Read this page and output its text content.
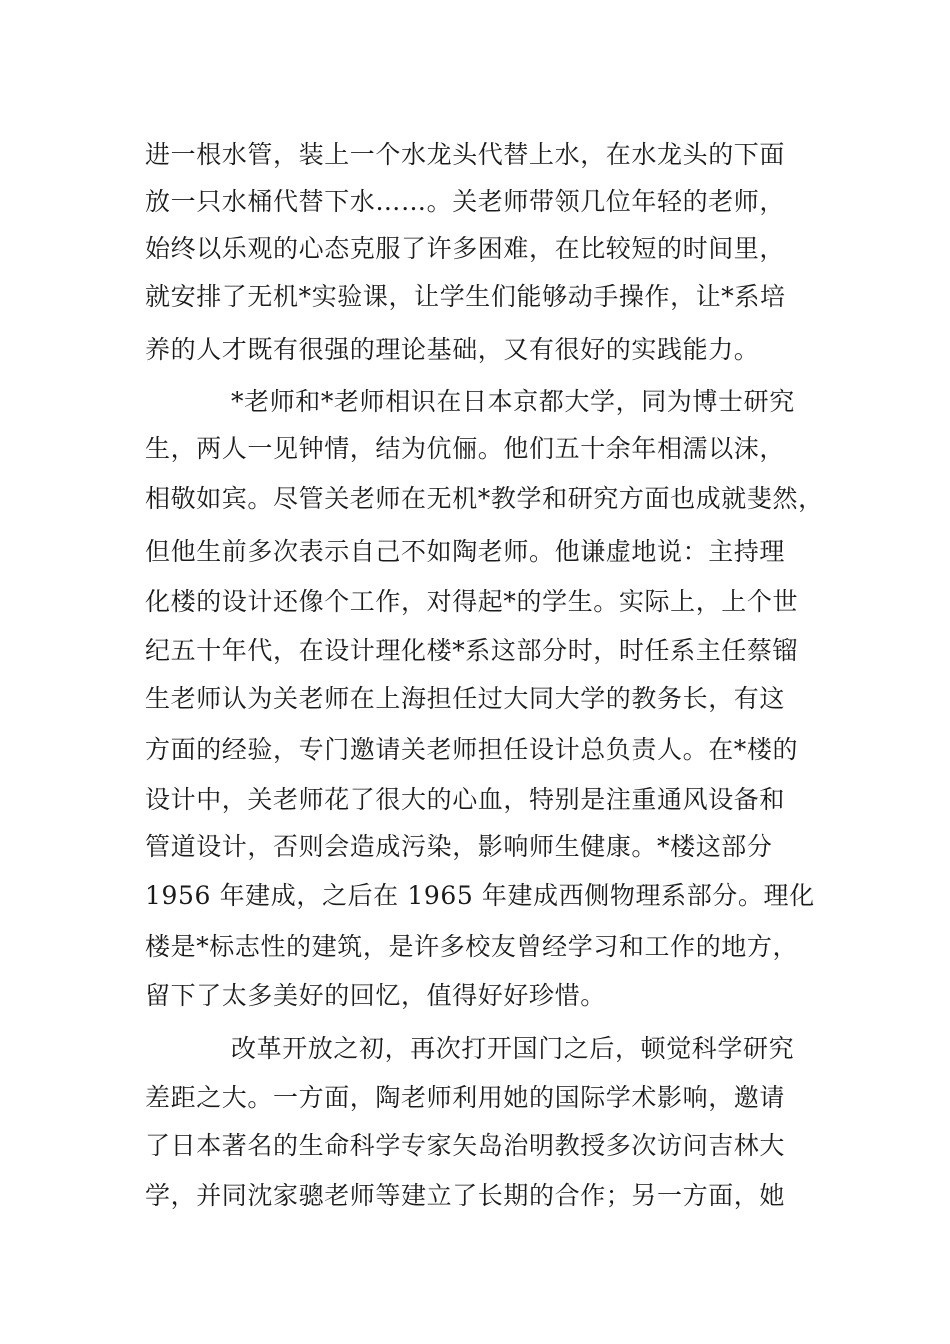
进一根水管，装上一个水龙头代替上水，在水龙头的下面
放一只水桶代替下水……。关老师带领几位年轻的老师，
始终以乐观的心态克服了许多困难，在比较短的时间里，
就安排了无机*实验课，让学生们能够动手操作，让*系培
养的人才既有很强的理论基础，又有很好的实践能力。
*老师和*老师相识在日本京都大学，同为博士研究
生，两人一见钟情，结为伉俪。他们五十余年相濡以沫，
相敬如宾。尽管关老师在无机*教学和研究方面也成就斐然，
但他生前多次表示自己不如陶老师。他谦虚地说：主持理
化楼的设计还像个工作，对得起*的学生。实际上，上个世
纪五十年代，在设计理化楼*系这部分时，时任系主任蔡镏
生老师认为关老师在上海担任过大同大学的教务长，有这
方面的经验，专门邀请关老师担任设计总负责人。在*楼的
设计中，关老师花了很大的心血，特别是注重通风设备和
管道设计，否则会造成污染，影响师生健康。*楼这部分
1956 年建成，之后在 1965 年建成西侧物理系部分。理化
楼是*标志性的建筑，是许多校友曾经学习和工作的地方，
留下了太多美好的回忆，值得好好珍惜。
改革开放之初，再次打开国门之后，顿觉科学研究
差距之大。一方面，陶老师利用她的国际学术影响，邀请
了日本著名的生命科学专家矢岛治明教授多次访问吉林大
学，并同沈家骢老师等建立了长期的合作；另一方面，她
